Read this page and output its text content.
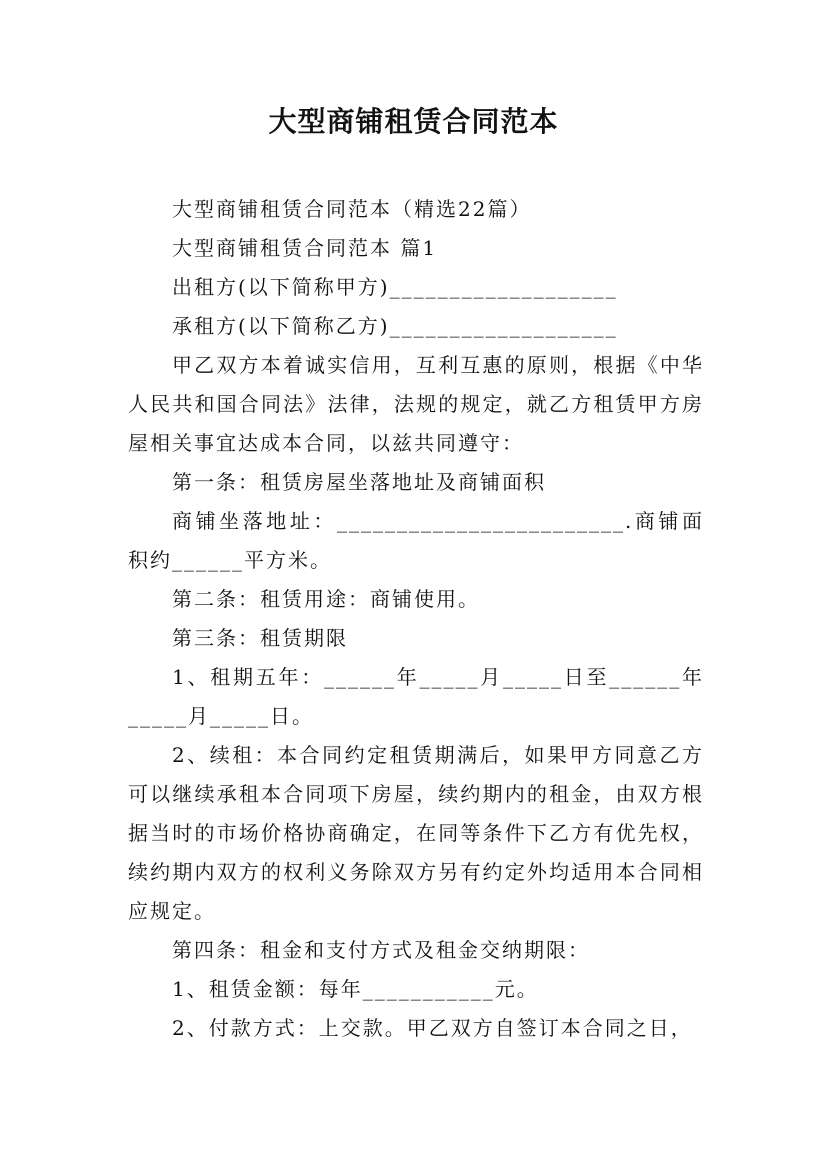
大型商铺租赁合同范本

大型商铺租赁合同范本（精选22篇）

大型商铺租赁合同范本 篇1

出租方(以下简称甲方)___________________

承租方(以下简称乙方)___________________

甲乙双方本着诚实信用，互利互惠的原则，根据《中华人民共和国合同法》法律，法规的规定，就乙方租赁甲方房屋相关事宜达成本合同，以兹共同遵守：

第一条：租赁房屋坐落地址及商铺面积

商铺坐落地址：________________________.商铺面积约______平方米。

第二条：租赁用途：商铺使用。

第三条：租赁期限

1、租期五年：______年_____月_____日至______年_____月_____日。

2、续租：本合同约定租赁期满后，如果甲方同意乙方可以继续承租本合同项下房屋，续约期内的租金，由双方根据当时的市场价格协商确定，在同等条件下乙方有优先权，续约期内双方的权利义务除双方另有约定外均适用本合同相应规定。

第四条：租金和支付方式及租金交纳期限：

1、租赁金额：每年___________元。

2、付款方式：上交款。甲乙双方自签订本合同之日，
